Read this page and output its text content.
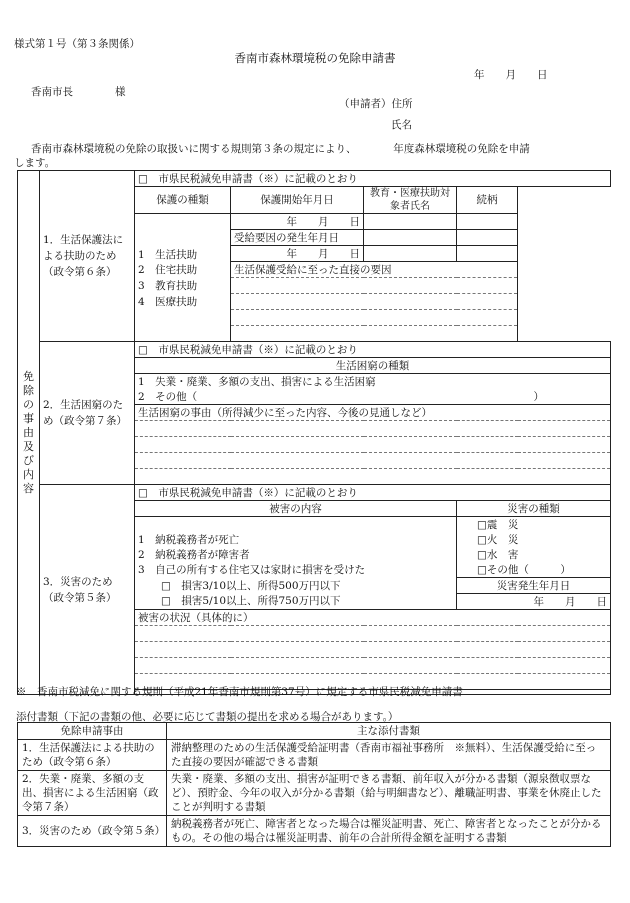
様式第１号（第３条関係）
香南市森林環境税の免除申請書
年　　月　　日
香南市長　　　　様
（申請者）住所
氏名
香南市森林環境税の免除の取扱いに関する規則第３条の規定により、　　　　年度森林環境税の免除を申請
します。
免除の事由及び内容	1．生活保護法による扶助のため（政令第６条）	□　市県民税減免申請書（※）に記載のとおり				
		保護の種類	保護開始年月日	教育・医療扶助対象者氏名	続柄	

		1　生活扶助	年　　月　　日			
			受給要因の発生年月日			
			年　　月　　日			
		2　住宅扶助	生活保護受給に至った直接の要因			
		3　教育扶助				
		4　医療扶助				

	2．生活困窮のため（政令第７条）	□　市県民税減免申請書（※）に記載のとおり				
		生活困窮の種類				
		1　失業・廃業、多額の支出、損害による生活困窮				
		2　その他（				）
		生活困窮の事由（所得減少に至った内容、今後の見通しなど）				

	3．災害のため（政令第５条）	□　市県民税減免申請書（※）に記載のとおり				
		被害の内容			災害の種類	
					□震　災	
		1　納税義務者が死亡			□火　災	
		2　納税義務者が障害者			□水　害	
		3　自己の所有する住宅又は家財に損害を受けた			□その他（　　　）	
		□　損害3/10以上、所得500万円以下			災害発生年月日	
		□　損害5/10以上、所得750万円以下			年　　月　　日	
		被害の状況（具体的に）				

※　香南市税減免に関する規則（平成21年香南市規則第37号）に規定する市県民税減免申請書
添付書類（下記の書類の他、必要に応じて書類の提出を求める場合があります。）
免除申請事由	主な添付書類
1．生活保護法による扶助のため（政令第６条）	滞納整理のための生活保護受給証明書（香南市福祉事務所　※無料）、生活保護受給に至った直接の要因が確認できる書類
2．失業・廃業、多額の支出、損害による生活困窮（政令第７条）	失業・廃業、多額の支出、損害が証明できる書類、前年収入が分かる書類（源泉徴収票など）、預貯金、今年の収入が分かる書類（給与明細書など）、離職証明書、事業を休廃止したことが判明する書類
3．災害のため（政令第５条）	納税義務者が死亡、障害者となった場合は罹災証明書、死亡、障害者となったことが分かるもの。その他の場合は罹災証明書、前年の合計所得金額を証明する書類
